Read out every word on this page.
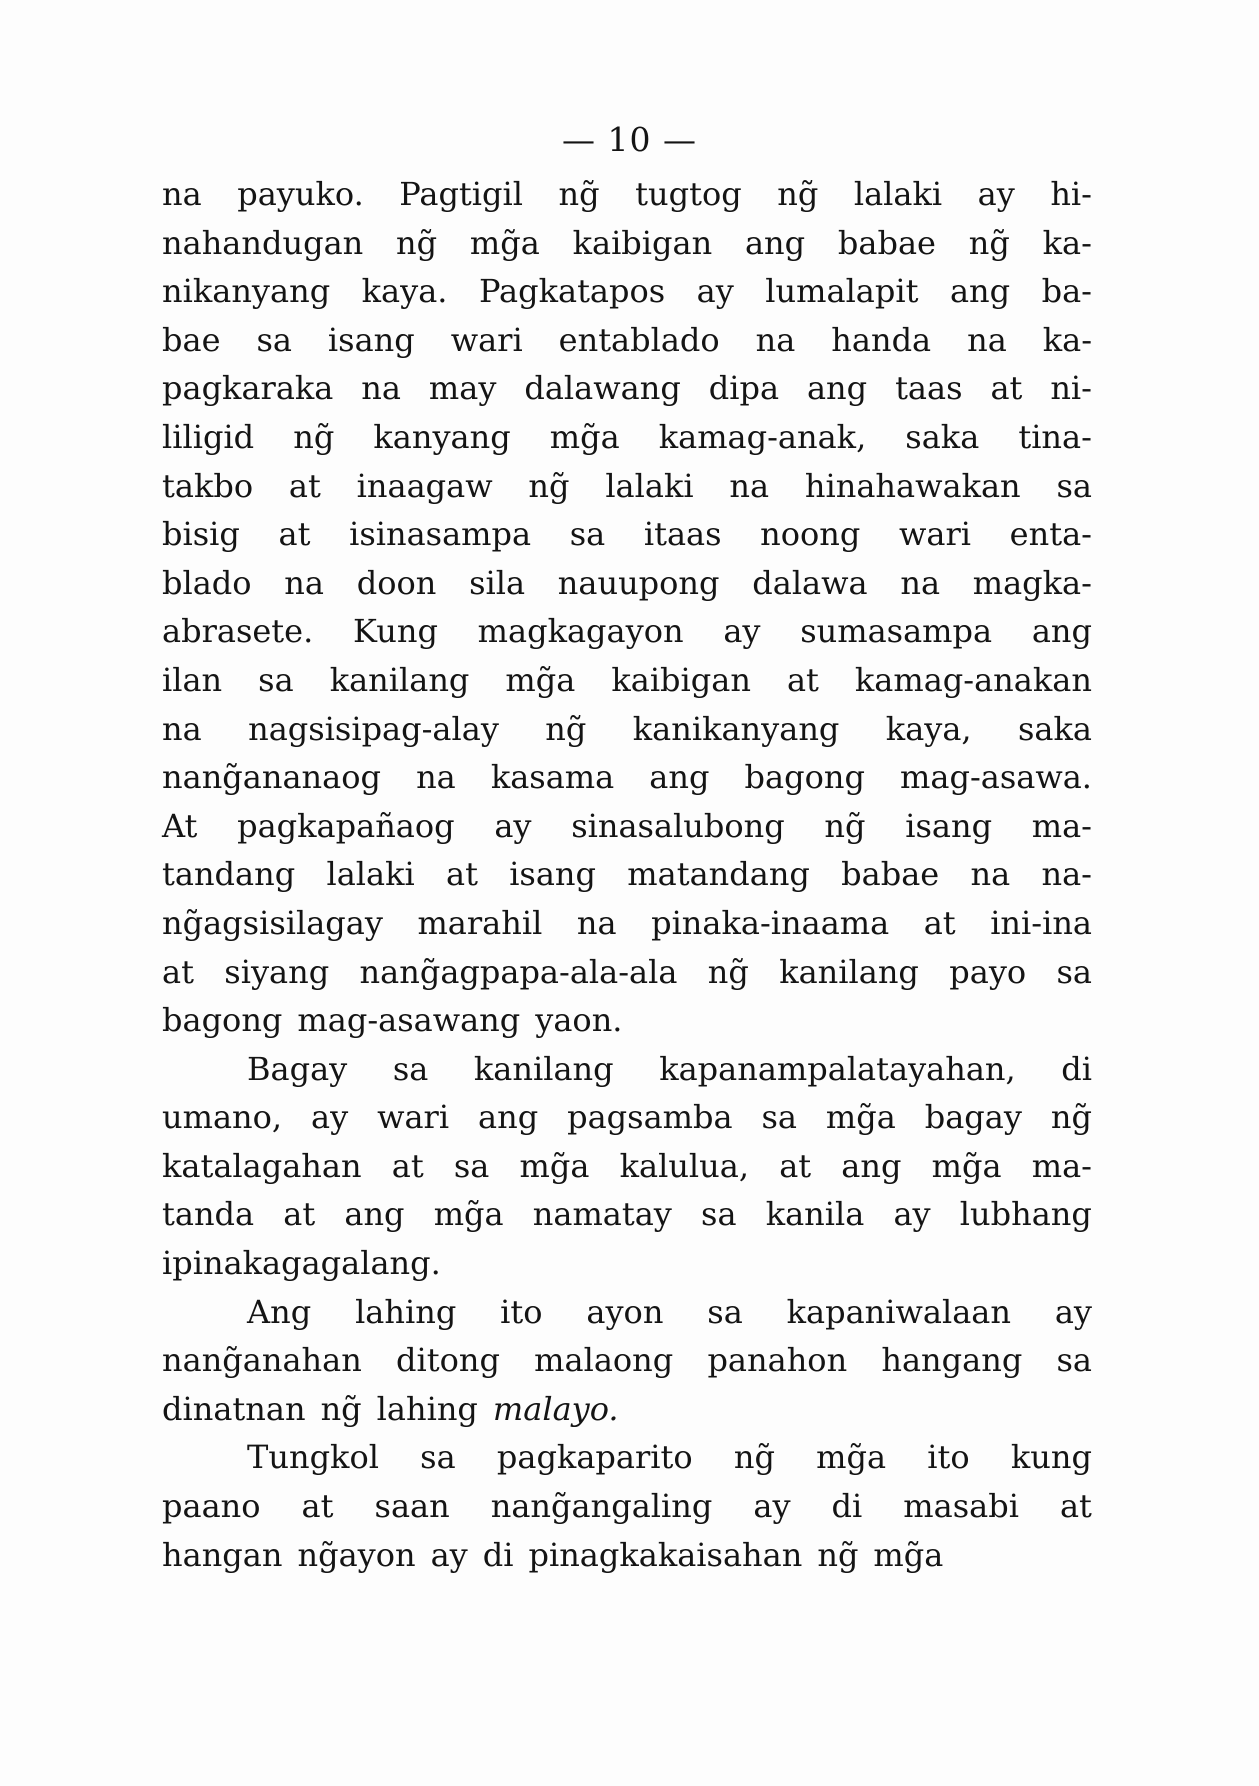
— 10 —
na payuko. Pagtigil ng̃ tugtog ng̃ lalaki ay hi-
nahandugan ng̃ mg̃a kaibigan ang babae ng̃ ka-
nikanyang kaya. Pagkatapos ay lumalapit ang ba-
bae sa isang wari entablado na handa na ka-
pagkaraka na may dalawang dipa ang taas at ni-
liligid ng̃ kanyang mg̃a kamag-anak, saka tina-
takbo at inaagaw ng̃ lalaki na hinahawakan sa
bisig at isinasampa sa itaas noong wari enta-
blado na doon sila nauupong dalawa na magka-
abrasete. Kung magkagayon ay sumasampa ang
ilan sa kanilang mg̃a kaibigan at kamag-anakan
na nagsisipag-alay ng̃ kanikanyang kaya, saka
nang̃ananaog na kasama ang bagong mag-asawa.
At pagkapañaog ay sinasalubong ng̃ isang ma-
tandang lalaki at isang matandang babae na na-
ng̃agsisilagay marahil na pinaka-inaama at ini-ina
at siyang nang̃agpapa-ala-ala ng̃ kanilang payo sa
bagong mag-asawang yaon.
Bagay sa kanilang kapanampalatayahan, di
umano, ay wari ang pagsamba sa mg̃a bagay ng̃
katalagahan at sa mg̃a kalulua, at ang mg̃a ma-
tanda at ang mg̃a namatay sa kanila ay lubhang
ipinakagagalang.
Ang lahing ito ayon sa kapaniwalaan ay
nang̃anahan ditong malaong panahon hangang sa
dinatnan ng̃ lahing malayo.
Tungkol sa pagkaparito ng̃ mg̃a ito kung
paano at saan nang̃angaling ay di masabi at
hangan ng̃ayon ay di pinagkakaisahan ng̃ mg̃a
